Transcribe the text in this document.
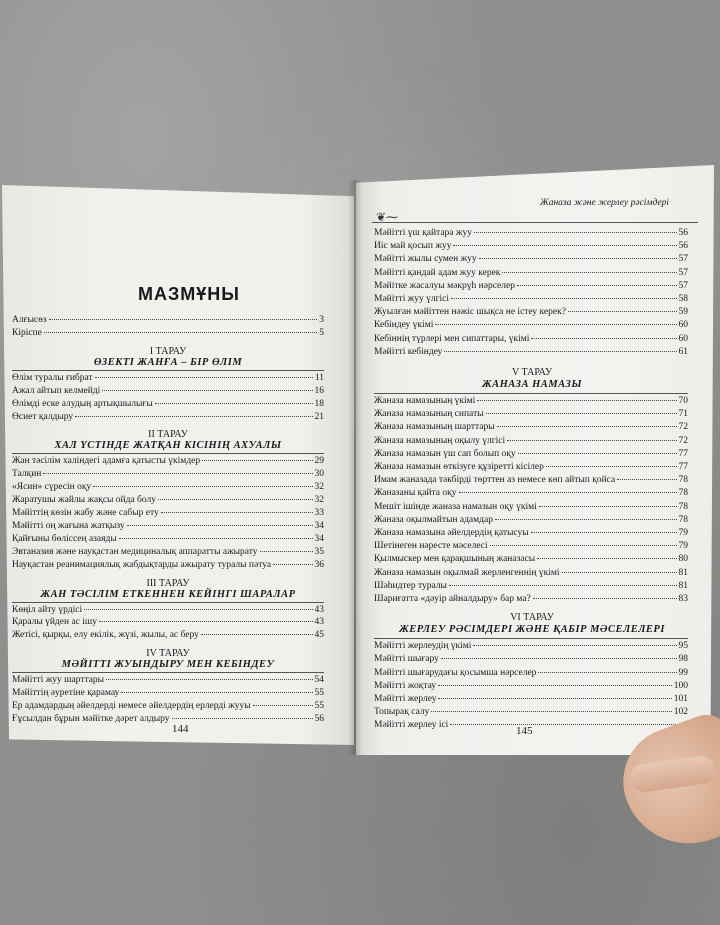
МАЗМҰНЫ
Алғысөз	3
Кіріспе	5
I ТАРАУ
ӨЗЕКТІ ЖАНҒА – БІР ӨЛІМ
Өлім туралы ғибрат	11
Ажал айтып келмейді	16
Өлімді еске алудың артықшылығы	18
Өсиет қалдыру	21
II ТАРАУ
ХАЛ ҮСТІНДЕ ЖАТҚАН КІСІНІҢ АХУАЛЫ
Жан тәсілім халіндегі адамға қатысты үкімдер	29
Талқин	30
«Ясин» сүресін оқу	32
Жаратушы жайлы жақсы ойда болу	32
Мәйіттің көзін жабу және сабыр ету	33
Мәйітті оң жағына жатқызу	34
Қайғыны бөліссең азаяды	34
Эвтаназия және науқастан медициналық аппаратты ажырату	35
Науқастан реанимациялық жабдықтарды ажырату туралы пәтуа	36
III ТАРАУ
ЖАН ТӘСІЛІМ ЕТКЕННЕН КЕЙІНГІ ШАРАЛАР
Көңіл айту үрдісі	43
Қаралы үйден ас ішу	43
Жетісі, қырқы, елу екілік, жүзі, жылы, ас беру	45
IV ТАРАУ
МӘЙІТТІ ЖУЫНДЫРУ МЕН КЕБІНДЕУ
Мәйітті жуу шарттары	54
Мәйіттің әуретіне қарамау	55
Ер адамдардың әйелдерді немесе әйелдердің ерлерді жууы	55
Ғұсылдан бұрын мәйітке дәрет алдыру	56
Мәйітті үш қайтара жуу	56
Иіс май қосып жуу	56
Мәйітті жылы сумен жуу	57
Мәйітті қандай адам жуу керек	57
Мәйітке жасалуы мәкрүһ нәрселер	57
Мәйітті жуу үлгісі	58
Жуылған мәйіттен нәжіс шықса не істеу керек?	59
Кебіндеу үкімі	60
Кебіннің түрлері мен сипаттары, үкімі	60
Мәйітті кебіндеу	61
V ТАРАУ
ЖАНАЗА НАМАЗЫ
Жаназа намазының үкімі	70
Жаназа намазының сипаты	71
Жаназа намазының шарттары	72
Жаназа намазының оқылу үлгісі	72
Жаназа намазын үш сап болып оқу	77
Жаназа намазын өткізуге құзіретті кісілер	77
Имам жаназада тәкбірді төрттен аз немесе көп айтып қойса	78
Жаназаны қайта оқу	78
Мешіт ішінде жаназа намазын оқу үкімі	78
Жаназа оқылмайтын адамдар	78
Жаназа намазына әйелдердің қатысуы	79
Шетінеген нәресте мәселесі	79
Қылмыскер мен қарақшының жаназасы	80
Жаназа намазын оқылмай жерленгеннің үкімі	81
Шәһидтер туралы	81
Шариғатта «дәуір айналдыру» бар ма?	83
VI ТАРАУ
ЖЕРЛЕУ РӘСІМДЕРІ ЖӘНЕ ҚАБІР МӘСЕЛЕЛЕРІ
Мәйітті жерлеудің үкімі	95
Мәйітті шығару	98
Мәйітті шығарудағы қосымша нәрселер	99
Мәйітті жоқтау	100
Мәйітті жерлеу	101
Топырақ салу	102
Мәйітті жерлеу ісі
❦⁓
Жаназа және жерлеу рәсімдері
144	145
